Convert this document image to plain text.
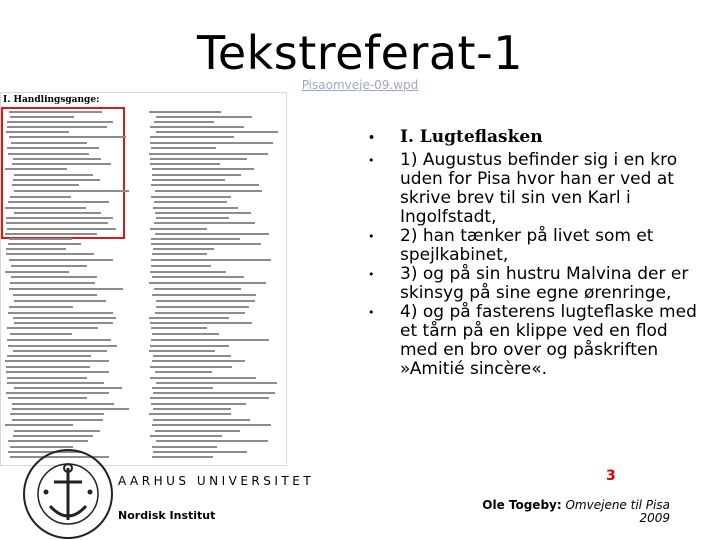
Tekstreferat-1
Pisaomveje-09.wpd
I. Handlingsgange:
• I. Lugteflasken
• 1) Augustus befinder sig i en kro uden for Pisa hvor han er ved at skrive brev til sin ven Karl i Ingolfstadt,
• 2) han tænker på livet som et spejlkabinet,
• 3) og på sin hustru Malvina der er skinsyg på sine egne ørenringe,
• 4) og på fasterens lugteflaske med et tårn på en klippe ved en flod med en bro over og påskriften »Amitié sincère«.
AARHUS UNIVERSITET
Nordisk Institut
3
Ole Togeby: Omvejene til Pisa
2009
